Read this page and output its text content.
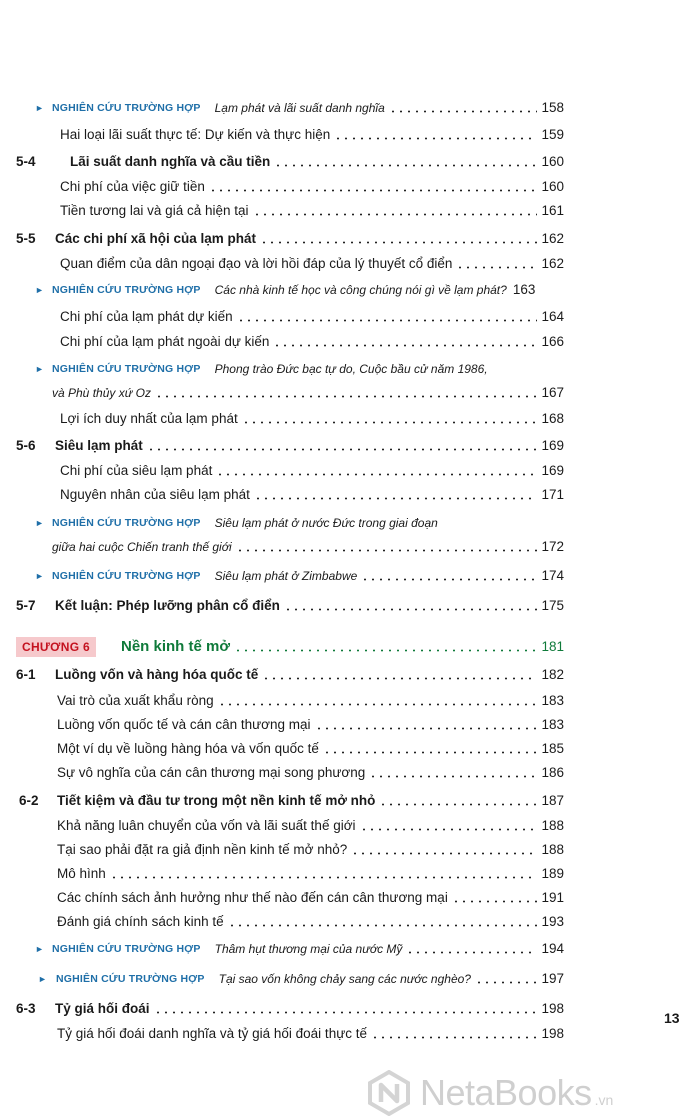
► NGHIÊN CỨU TRƯỜNG HỢP Lạm phát và lãi suất danh nghĩa	158
Hai loại lãi suất thực tế: Dự kiến và thực hiện	159
5-4	Lãi suất danh nghĩa và cầu tiền	160
Chi phí của việc giữ tiền	160
Tiền tương lai và giá cả hiện tại	161
5-5 Các chi phí xã hội của lạm phát	162
Quan điểm của dân ngoại đạo và lời hồi đáp của lý thuyết cổ điển	162
► NGHIÊN CỨU TRƯỜNG HỢP Các nhà kinh tế học và công chúng nói gì về lạm phát? 163
Chi phí của lạm phát dự kiến	164
Chi phí của lạm phát ngoài dự kiến	166
► NGHIÊN CỨU TRƯỜNG HỢP Phong trào Đức bạc tự do, Cuộc bầu cử năm 1986,
và Phù thủy xứ Oz	167
Lợi ích duy nhất của lạm phát	168
5-6 Siêu lạm phát	169
Chi phí của siêu lạm phát	169
Nguyên nhân của siêu lạm phát	171
► NGHIÊN CỨU TRƯỜNG HỢP Siêu lạm phát ở nước Đức trong giai đoạn
giữa hai cuộc Chiến tranh thế giới	172
► NGHIÊN CỨU TRƯỜNG HỢP Siêu lạm phát ở Zimbabwe	174
5-7 Kết luận: Phép lưỡng phân cổ điển	175
CHƯƠNG 6	Nền kinh tế mở	181
6-1 Luồng vốn và hàng hóa quốc tế	182
Vai trò của xuất khẩu ròng	183
Luồng vốn quốc tế và cán cân thương mại	183
Một ví dụ về luồng hàng hóa và vốn quốc tế	185
Sự vô nghĩa của cán cân thương mại song phương	186
6-2 Tiết kiệm và đầu tư trong một nền kinh tế mở nhỏ	187
Khả năng luân chuyển của vốn và lãi suất thế giới	188
Tại sao phải đặt ra giả định nền kinh tế mở nhỏ?	188
Mô hình	189
Các chính sách ảnh hưởng như thế nào đến cán cân thương mại	191
Đánh giá chính sách kinh tế	193
► NGHIÊN CỨU TRƯỜNG HỢP Thâm hụt thương mại của nước Mỹ	194
► NGHIÊN CỨU TRƯỜNG HỢP Tại sao vốn không chảy sang các nước nghèo?	197
6-3 Tỷ giá hối đoái	198
Tỷ giá hối đoái danh nghĩa và tỷ giá hối đoái thực tế	198
13
NetaBooks .vn
